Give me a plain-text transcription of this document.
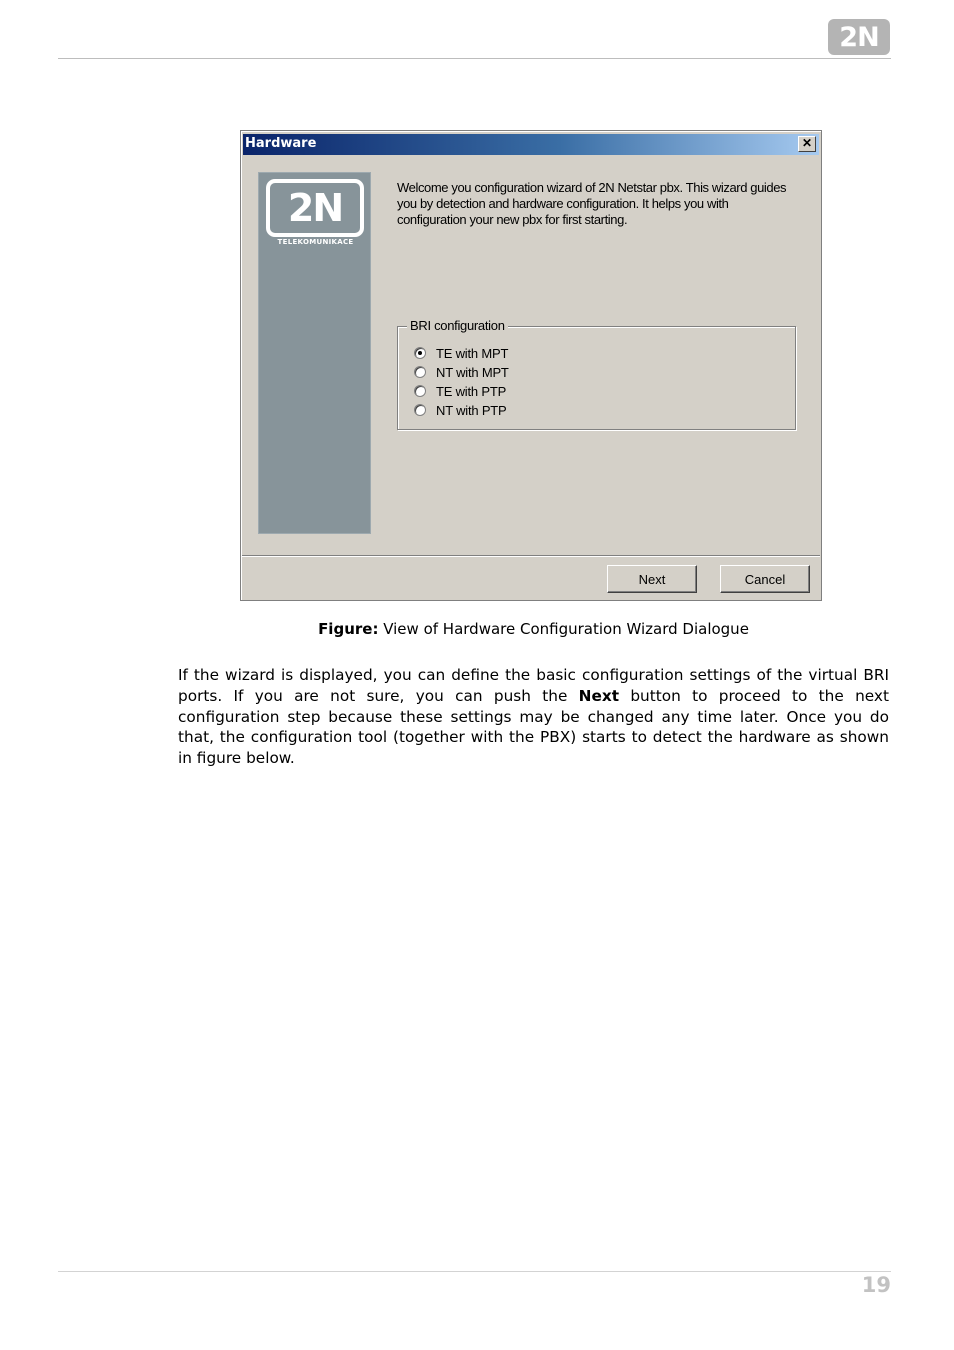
2N
Hardware	✕
2N
TELEKOMUNIKACE
Welcome you configuration wizard of 2N Netstar pbx. This wizard guides you by detection and hardware configuration. It helps you with configuration your new pbx for first starting.
BRI configuration
TE with MPT
NT with MPT
TE with PTP
NT with PTP
Next	Cancel
Figure: View of Hardware Configuration Wizard Dialogue

If the wizard is displayed, you can define the basic configuration settings of the virtual BRI ports. If you are not sure, you can push the Next button to proceed to the next configuration step because these settings may be changed any time later. Once you do that, the configuration tool (together with the PBX) starts to detect the hardware as shown in figure below.

19
